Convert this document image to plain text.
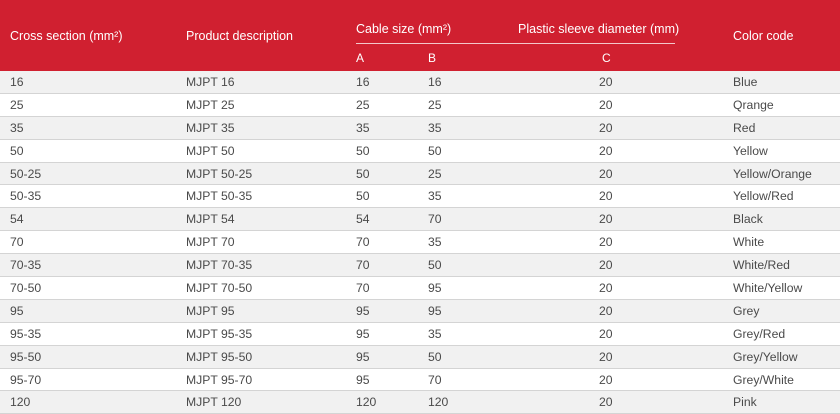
Cross section (mm²)	Product description	Cable size (mm²)		Plastic sleeve diameter (mm)	Color code
		A	B	C	
16	MJPT 16	16	16	20	Blue
25	MJPT 25	25	25	20	Qrange
35	MJPT 35	35	35	20	Red
50	MJPT 50	50	50	20	Yellow
50-25	MJPT 50-25	50	25	20	Yellow/Orange
50-35	MJPT 50-35	50	35	20	Yellow/Red
54	MJPT 54	54	70	20	Black
70	MJPT 70	70	35	20	White
70-35	MJPT 70-35	70	50	20	White/Red
70-50	MJPT 70-50	70	95	20	White/Yellow
95	MJPT 95	95	95	20	Grey
95-35	MJPT 95-35	95	35	20	Grey/Red
95-50	MJPT 95-50	95	50	20	Grey/Yellow
95-70	MJPT 95-70	95	70	20	Grey/White
120	MJPT 120	120	120	20	Pink
